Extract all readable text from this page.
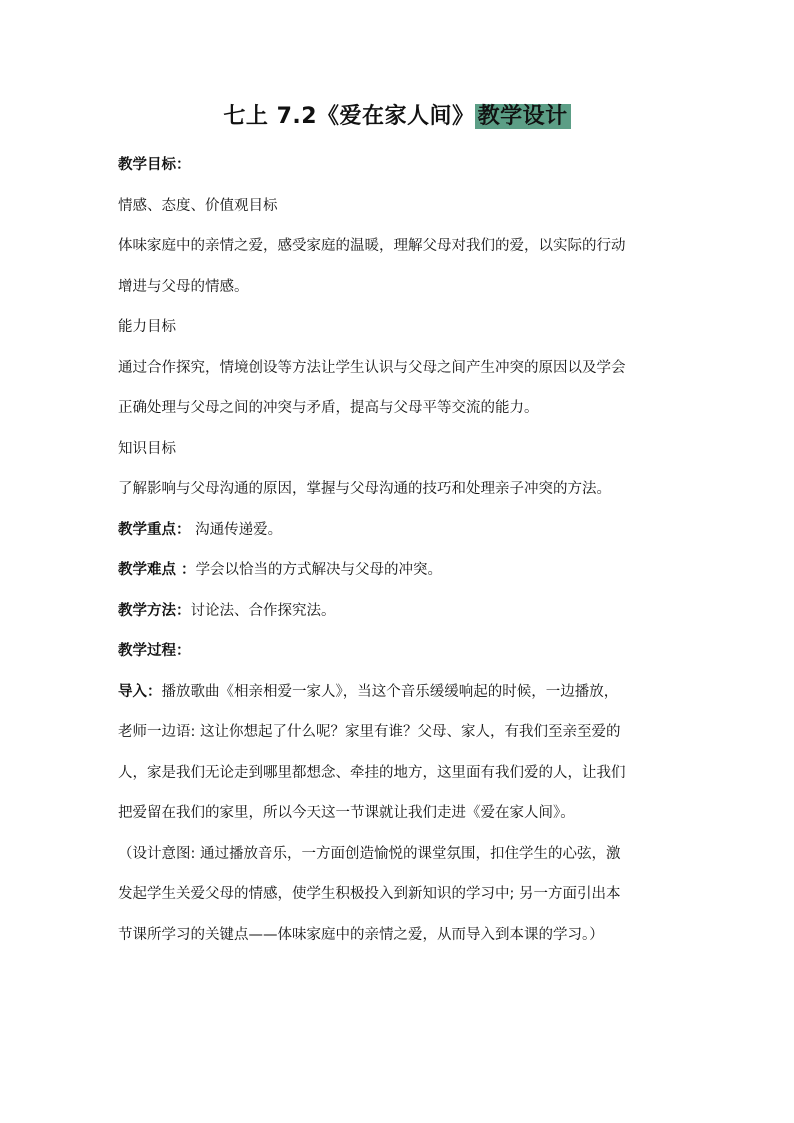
七上 7.2《爱在家人间》 教学设计
教学目标：
情感、态度、价值观目标
体味家庭中的亲情之爱，感受家庭的温暖，理解父母对我们的爱，以实际的行动
增进与父母的情感。
能力目标
通过合作探究，情境创设等方法让学生认识与父母之间产生冲突的原因以及学会
正确处理与父母之间的冲突与矛盾，提高与父母平等交流的能力。
知识目标
了解影响与父母沟通的原因，掌握与父母沟通的技巧和处理亲子冲突的方法。
教学重点： 沟通传递爱。
教学难点 ：学会以恰当的方式解决与父母的冲突。
教学方法：讨论法、合作探究法。
教学过程：
导入：播放歌曲《相亲相爱一家人》，当这个音乐缓缓响起的时候，一边播放，
老师一边语: 这让你想起了什么呢？家里有谁？父母、家人，有我们至亲至爱的
人，家是我们无论走到哪里都想念、牵挂的地方，这里面有我们爱的人，让我们
把爱留在我们的家里，所以今天这一节课就让我们走进《爱在家人间》。
（设计意图: 通过播放音乐，一方面创造愉悦的课堂氛围，扣住学生的心弦，激
发起学生关爱父母的情感，使学生积极投入到新知识的学习中; 另一方面引出本
节课所学习的关键点——体味家庭中的亲情之爱，从而导入到本课的学习。）
